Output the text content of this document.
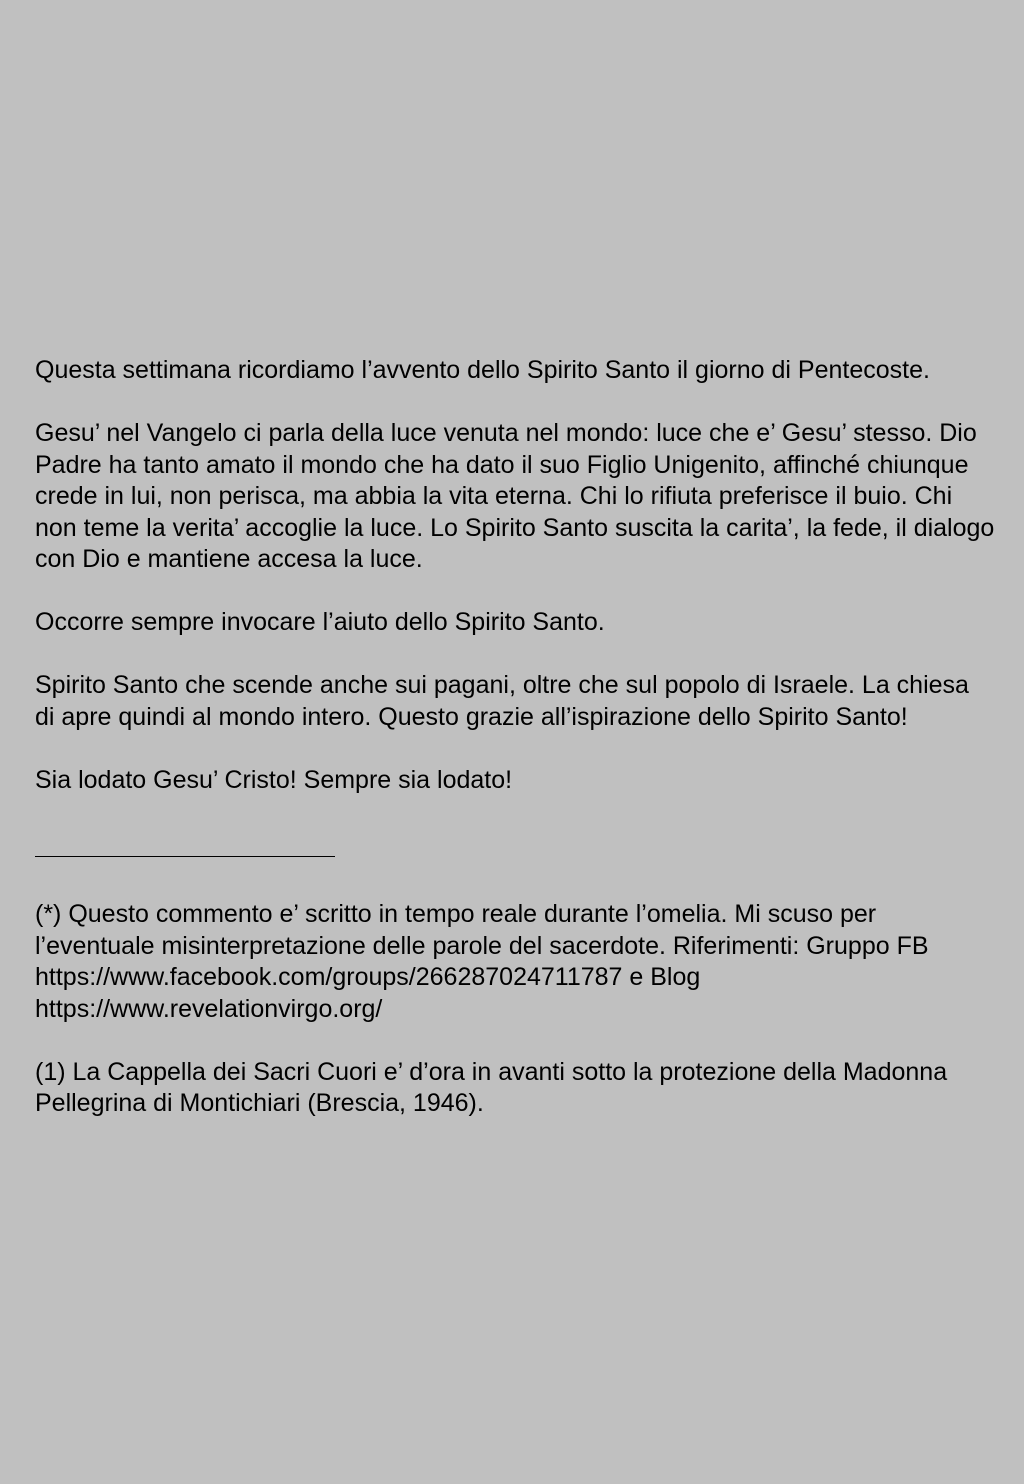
Questa settimana ricordiamo l’avvento dello Spirito Santo il giorno di Pentecoste.

Gesu’ nel Vangelo ci parla della luce venuta nel mondo: luce che e’ Gesu’ stesso. Dio Padre ha tanto amato il mondo che ha dato il suo Figlio Unigenito, affinché chiunque crede in lui, non perisca, ma abbia la vita eterna. Chi lo rifiuta preferisce il buio. Chi non teme la verita’ accoglie la luce. Lo Spirito Santo suscita la carita’, la fede, il dialogo con Dio e mantiene accesa la luce.

Occorre sempre invocare l’aiuto dello Spirito Santo.

Spirito Santo che scende anche sui pagani, oltre che sul popolo di Israele. La chiesa di apre quindi al mondo intero. Questo grazie all’ispirazione dello Spirito Santo!

Sia lodato Gesu’ Cristo! Sempre sia lodato!

(*) Questo commento e’ scritto in tempo reale durante l’omelia. Mi scuso per l’eventuale misinterpretazione delle parole del sacerdote. Riferimenti: Gruppo FB https://www.facebook.com/groups/266287024711787 e Blog https://www.revelationvirgo.org/

(1) La Cappella dei Sacri Cuori e’ d’ora in avanti sotto la protezione della Madonna Pellegrina di Montichiari (Brescia, 1946).
